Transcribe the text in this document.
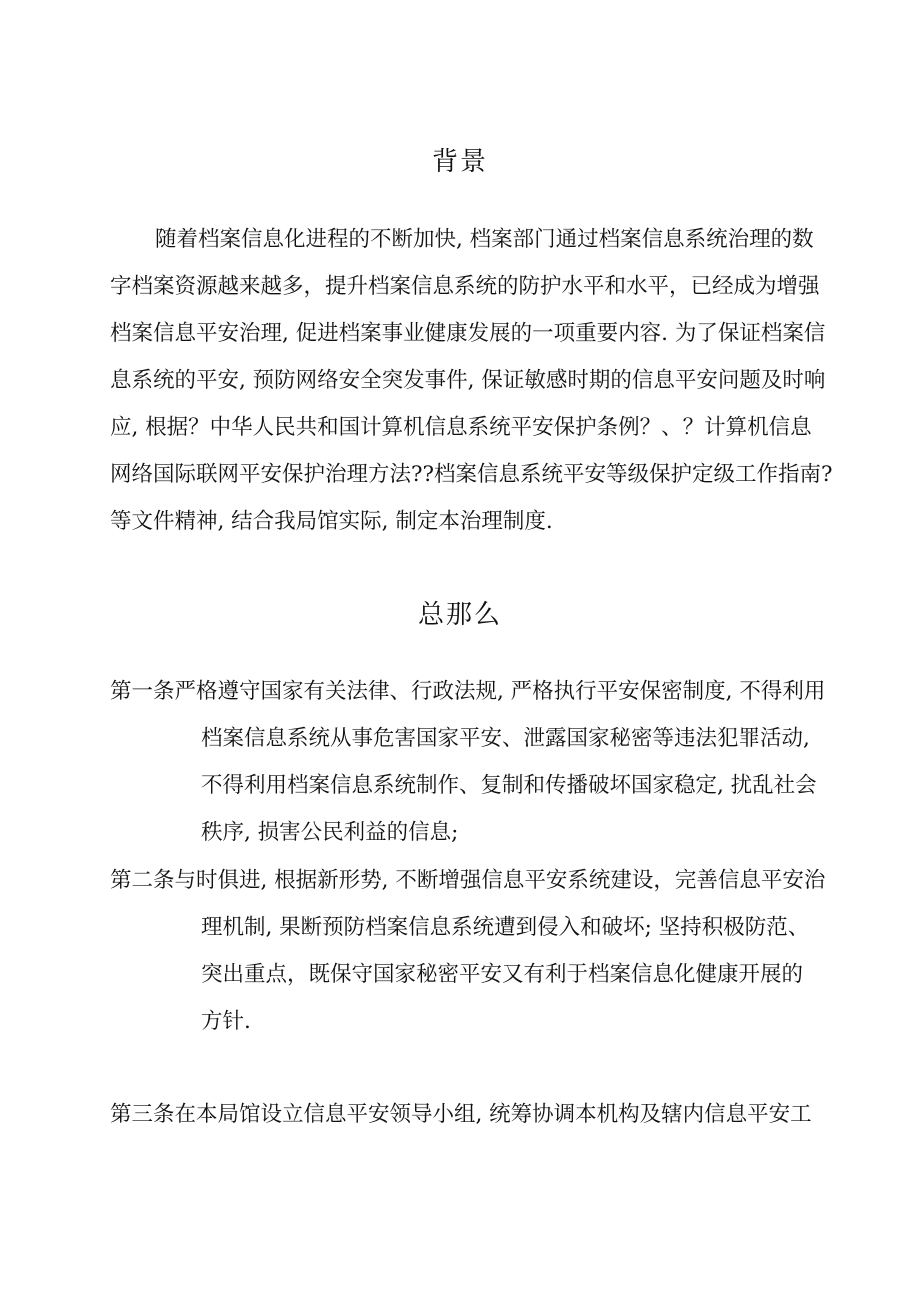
背景
随着档案信息化进程的不断加快, 档案部门通过档案信息系统治理的数
字档案资源越来越多，提升档案信息系统的防护水平和水平，已经成为增强
档案信息平安治理, 促进档案事业健康发展的一项重要内容. 为了保证档案信
息系统的平安, 预防网络安全突发事件, 保证敏感时期的信息平安问题及时响
应, 根据？中华人民共和国计算机信息系统平安保护条例？、？计算机信息
网络国际联网平安保护治理方法??档案信息系统平安等级保护定级工作指南?
等文件精神, 结合我局馆实际, 制定本治理制度.
总那么
第一条严格遵守国家有关法律、行政法规, 严格执行平安保密制度, 不得利用
档案信息系统从事危害国家平安、泄露国家秘密等违法犯罪活动,
不得利用档案信息系统制作、复制和传播破坏国家稳定, 扰乱社会
秩序, 损害公民利益的信息;
第二条与时俱进, 根据新形势, 不断增强信息平安系统建设，完善信息平安治
理机制, 果断预防档案信息系统遭到侵入和破坏; 坚持积极防范、
突出重点，既保守国家秘密平安又有利于档案信息化健康开展的
方针.
第三条在本局馆设立信息平安领导小组, 统筹协调本机构及辖内信息平安工
